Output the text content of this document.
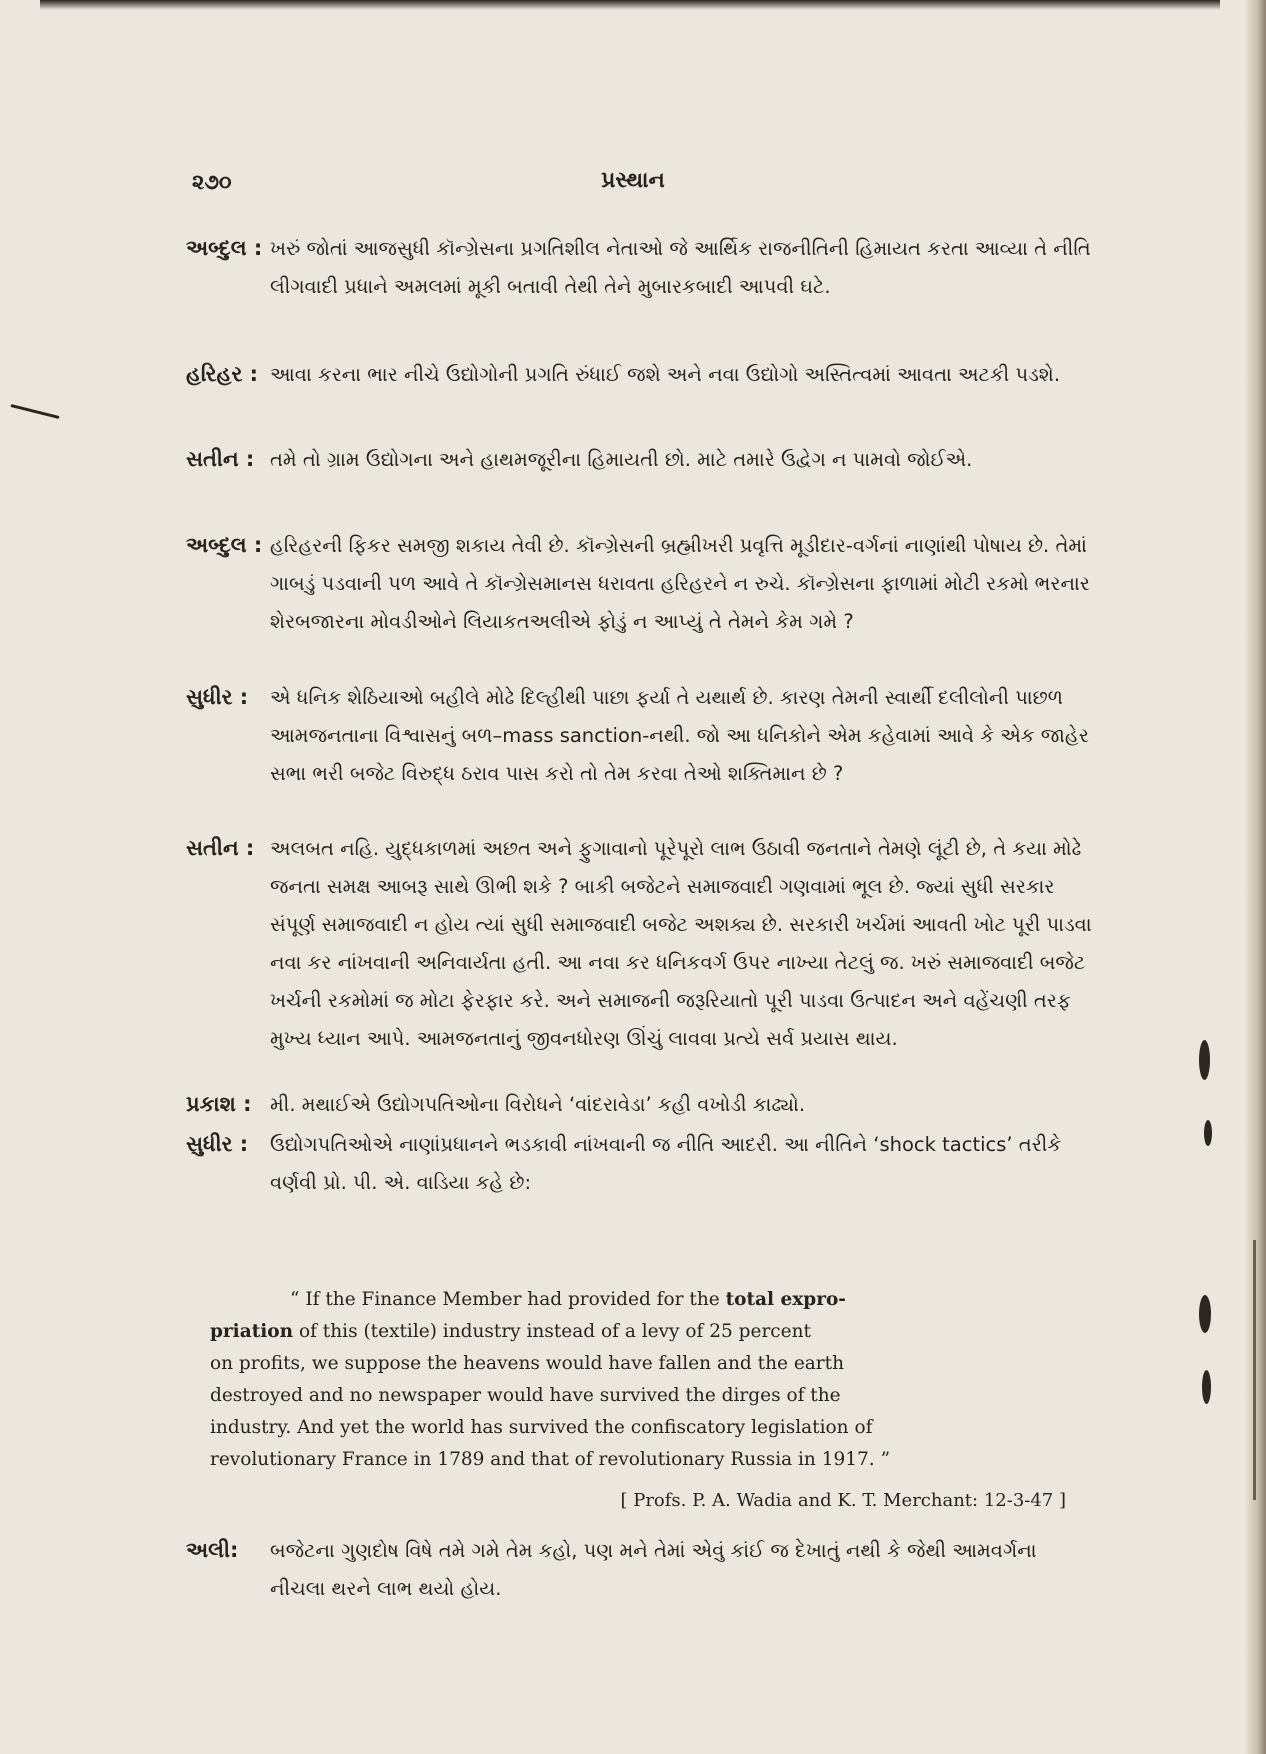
૨૭૦	પ્રસ્થાન
અબ્દુલ : ખરું જોતાં આજસુધી કૉન્ગ્રેસના પ્રગતિશીલ નેતાઓ જે આર્થિક રાજનીતિની હિમાયત કરતા આવ્યા તે નીતિ લીગવાદી પ્રધાને અમલમાં મૂકી બતાવી તેથી તેને મુબારકબાદી આપવી ઘટે.
હરિહર : આવા કરના ભાર નીચે ઉદ્યોગોની પ્રગતિ રુંધાઈ જશે અને નવા ઉદ્યોગો અસ્તિત્વમાં આવતા અટકી પડશે.
સતીન : તમે તો ગ્રામ ઉદ્યોગના અને હાથમજૂરીના હિમાયતી છો. માટે તમારે ઉદ્વેગ ન પામવો જોઈએ.
અબ્દુલ : હરિહરની ફિકર સમજી શકાય તેવી છે. કૉન્ગ્રેસની બ્રહ્મીખરી પ્રવૃત્તિ મૂડીદાર-વર્ગનાં નાણાંથી પોષાય છે. તેમાં ગાબડું પડવાની પળ આવે તે કૉન્ગ્રેસમાનસ ધરાવતા હરિહરને ન રુચે. કૉન્ગ્રેસના ફાળામાં મોટી રકમો ભરનાર શેરબજારના મોવડીઓને લિયાકતઅલીએ ફોડું ન આપ્યું તે તેમને કેમ ગમે ?
સુધીર :	એ ધનિક શેઠિયાઓ બહીલે મોઢે દિલ્હીથી પાછા ફર્યા તે યથાર્થ છે. કારણ તેમની સ્વાર્થી દલીલોની પાછળ આમજનતાના વિશ્વાસનું બળ–mass sanction-નથી. જો આ ધનિકોને એમ કહેવામાં આવે કે એક જાહેર સભા ભરી બજેટ વિરુદ્ધ ઠરાવ પાસ કરો તો તેમ કરવા તેઓ શક્તિમાન છે ?
સતીન : અલબત નહિ. યુદ્ધકાળમાં અછત અને ફુગાવાનો પૂરેપૂરો લાભ ઉઠાવી જનતાને તેમણે લૂંટી છે, તે કયા મોઢે જનતા સમક્ષ આબરૂ સાથે ઊભી શકે ? બાકી બજેટને સમાજવાદી ગણવામાં ભૂલ છે. જ્યાં સુધી સરકાર સંપૂર્ણ સમાજવાદી ન હોય ત્યાં સુધી સમાજવાદી બજેટ અશક્ય છે. સરકારી ખર્ચમાં આવતી ખોટ પૂરી પાડવા નવા કર નાંખવાની અનિવાર્યતા હતી. આ નવા કર ધનિકવર્ગ ઉપર નાખ્યા તેટલું જ. ખરું સમાજવાદી બજેટ ખર્ચની રકમોમાં જ મોટા ફેરફાર કરે. અને સમાજની જરૂરિયાતો પૂરી પાડવા ઉત્પાદન અને વહેંચણી તરફ મુખ્ય ધ્યાન આપે. આમજનતાનું જીવનધોરણ ઊંચું લાવવા પ્રત્યે સર્વ પ્રયાસ થાય.
પ્રકાશ : મી. મથાઈએ ઉદ્યોગપતિઓના વિરોધને ‘વાંદરાવેડા’ કહી વખોડી કાઢ્યો.
સુધીર :	ઉદ્યોગપતિઓએ નાણાંપ્રધાનને ભડકાવી નાંખવાની જ નીતિ આદરી. આ નીતિને ‘shock tactics’ તરીકે વર્ણવી પ્રો. પી. એ. વાડિયા કહે છે:
“ If the Finance Member had provided for the total expro-
priation of this (textile) industry instead of a levy of 25 percent
on profits, we suppose the heavens would have fallen and the earth
destroyed and no newspaper would have survived the dirges of the
industry. And yet the world has survived the confiscatory legislation of
revolutionary France in 1789 and that of revolutionary Russia in 1917. ”
[ Profs. P. A. Wadia and K. T. Merchant: 12-3-47 ]
અલી:	બજેટના ગુણદોષ વિષે તમે ગમે તેમ કહો, પણ મને તેમાં એવું કાંઈ જ દેખાતું નથી કે જેથી આમવર્ગના નીચલા થરને લાભ થયો હોય.
